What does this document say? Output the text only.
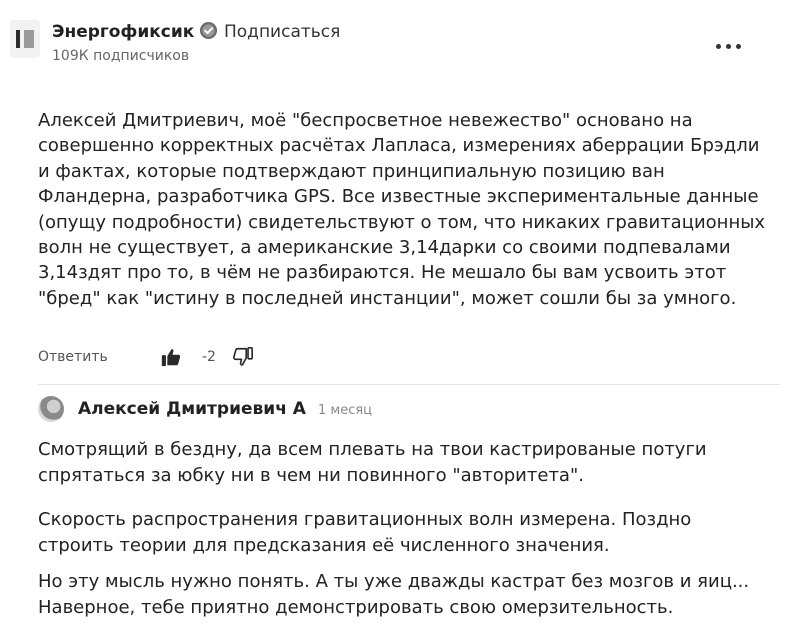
Энергофиксик Подписаться
109К подписчиков
Алексей Дмитриевич, моё "беспросветное невежество" основано на
совершенно корректных расчётах Лапласа, измерениях аберрации Брэдли
и фактах, которые подтверждают принципиальную позицию ван
Фландерна, разработчика GPS. Все известные экспериментальные данные
(опущу подробности) свидетельствуют о том, что никаких гравитационных
волн не существует, а американские 3,14дарки со своими подпевалами
3,14здят про то, в чём не разбираются. Не мешало бы вам усвоить этот
"бред" как "истину в последней инстанции", может сошли бы за умного.
Ответить	-2
Алексей Дмитриевич А 1 месяц
Смотрящий в бездну, да всем плевать на твои кастрированые потуги
спрятаться за юбку ни в чем ни повинного "авторитета".
Скорость распространения гравитационных волн измерена. Поздно
строить теории для предсказания её численного значения.
Но эту мысль нужно понять. А ты уже дважды кастрат без мозгов и яиц...
Наверное, тебе приятно демонстрировать свою омерзительность.
